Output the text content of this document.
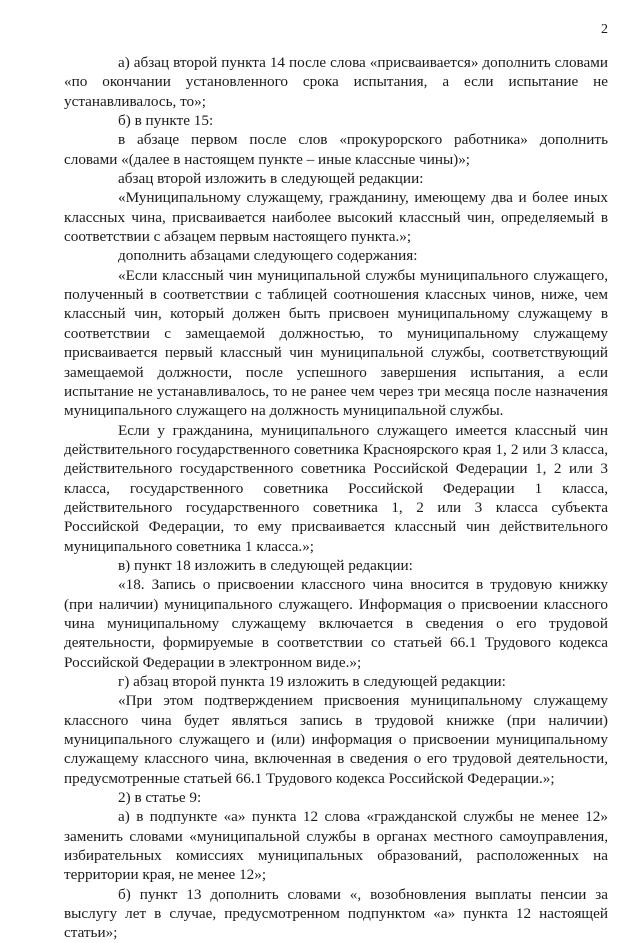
2

а) абзац второй пункта 14 после слова «присваивается» дополнить словами «по окончании установленного срока испытания, а если испытание не устанавливалось, то»;

б) в пункте 15:

в абзаце первом после слов «прокурорского работника» дополнить словами «(далее в настоящем пункте – иные классные чины)»;

абзац второй изложить в следующей редакции:

«Муниципальному служащему, гражданину, имеющему два и более иных классных чина, присваивается наиболее высокий классный чин, определяемый в соответствии с абзацем первым настоящего пункта.»;

дополнить абзацами следующего содержания:

«Если классный чин муниципальной службы муниципального служащего, полученный в соответствии с таблицей соотношения классных чинов, ниже, чем классный чин, который должен быть присвоен муниципальному служащему в соответствии с замещаемой должностью, то муниципальному служащему присваивается первый классный чин муниципальной службы, соответствующий замещаемой должности, после успешного завершения испытания, а если испытание не устанавливалось, то не ранее чем через три месяца после назначения муниципального служащего на должность муниципальной службы.

Если у гражданина, муниципального служащего имеется классный чин действительного государственного советника Красноярского края 1, 2 или 3 класса, действительного государственного советника Российской Федерации 1, 2 или 3 класса, государственного советника Российской Федерации 1 класса, действительного государственного советника 1, 2 или 3 класса субъекта Российской Федерации, то ему присваивается классный чин действительного муниципального советника 1 класса.»;

в) пункт 18 изложить в следующей редакции:

«18. Запись о присвоении классного чина вносится в трудовую книжку (при наличии) муниципального служащего. Информация о присвоении классного чина муниципальному служащему включается в сведения о его трудовой деятельности, формируемые в соответствии со статьей 66.1 Трудового кодекса Российской Федерации в электронном виде.»;

г) абзац второй пункта 19 изложить в следующей редакции:

«При этом подтверждением присвоения муниципальному служащему классного чина будет являться запись в трудовой книжке (при наличии) муниципального служащего и (или) информация о присвоении муниципальному служащему классного чина, включенная в сведения о его трудовой деятельности, предусмотренные статьей 66.1 Трудового кодекса Российской Федерации.»;

2) в статье 9:

а) в подпункте «а» пункта 12 слова «гражданской службы не менее 12» заменить словами «муниципальной службы в органах местного самоуправления, избирательных комиссиях муниципальных образований, расположенных на территории края, не менее 12»;

б) пункт 13 дополнить словами «, возобновления выплаты пенсии за выслугу лет в случае, предусмотренном подпунктом «а» пункта 12 настоящей статьи»;
